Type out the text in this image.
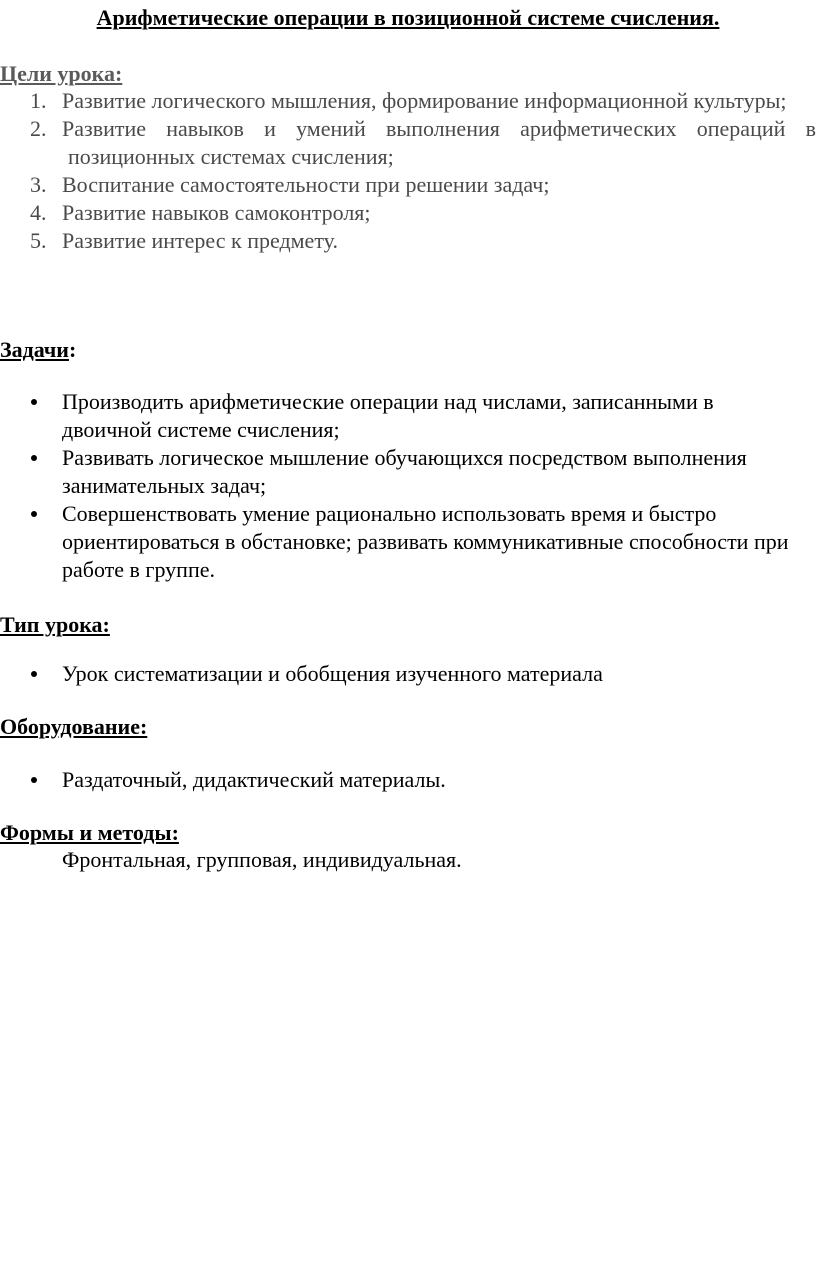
Арифметические операции в позиционной системе счисления.
Цели урока:
1. Развитие логического мышления, формирование информационной культуры;
2. Развитие навыков и умений выполнения арифметических операций в позиционных системах счисления;
3. Воспитание самостоятельности при решении задач;
4. Развитие навыков самоконтроля;
5. Развитие интерес к предмету.
Задачи:
Производить арифметические операции над числами, записанными в двоичной системе счисления;
Развивать логическое мышление обучающихся посредством выполнения занимательных задач;
Совершенствовать умение рационально использовать время и быстро ориентироваться в обстановке; развивать коммуникативные способности при работе в группе.
Тип урока:
Урок систематизации и обобщения изученного материала
Оборудование:
Раздаточный, дидактический материалы.
Формы и методы:

Фронтальная, групповая, индивидуальная.
